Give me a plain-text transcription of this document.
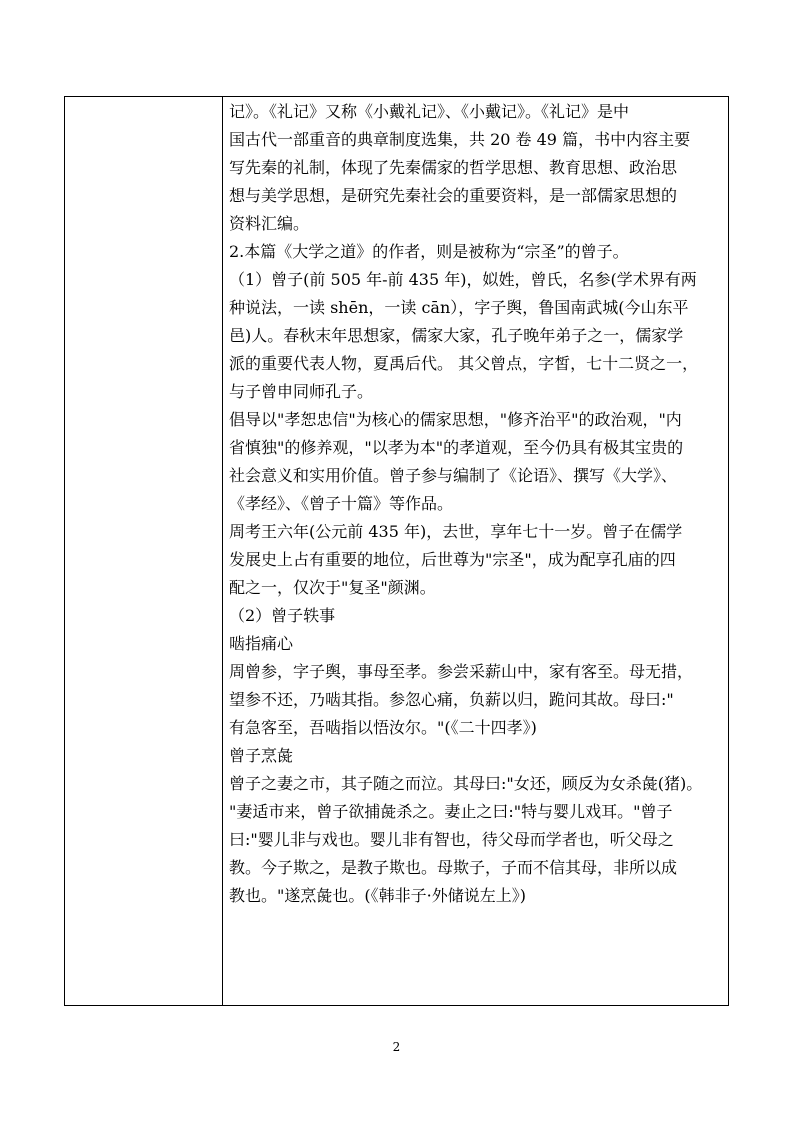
记》。《礼记》又称《小戴礼记》、《小戴记》。《礼记》是中

国古代一部重音的典章制度选集，共 20 卷 49 篇，书中内容主要

写先秦的礼制，体现了先秦儒家的哲学思想、教育思想、政治思

想与美学思想，是研究先秦社会的重要资料，是一部儒家思想的

资料汇编。

2.本篇《大学之道》的作者，则是被称为“宗圣”的曾子。

（1）曾子(前 505 年-前 435 年)，姒姓，曾氏，名参(学术界有两

种说法，一读 shēn，一读 cān），字子舆，鲁国南武城(今山东平

邑)人。春秋末年思想家，儒家大家，孔子晚年弟子之一，儒家学

派的重要代表人物，夏禹后代。 其父曾点，字皙，七十二贤之一，

与子曾申同师孔子。

倡导以"孝恕忠信"为核心的儒家思想，"修齐治平"的政治观，"内

省慎独"的修养观，"以孝为本"的孝道观，至今仍具有极其宝贵的

社会意义和实用价值。曾子参与编制了《论语》、撰写《大学》、

《孝经》、《曾子十篇》等作品。

周考王六年(公元前 435 年)，去世，享年七十一岁。曾子在儒学

发展史上占有重要的地位，后世尊为"宗圣"，成为配享孔庙的四

配之一，仅次于"复圣"颜渊。

（2）曾子轶事

啮指痛心

周曾参，字子舆，事母至孝。参尝采薪山中，家有客至。母无措，

望参不还，乃啮其指。参忽心痛，负薪以归，跪问其故。母曰:"

有急客至，吾啮指以悟汝尔。"(《二十四孝》)

曾子烹彘

曾子之妻之市，其子随之而泣。其母曰:"女还，顾反为女杀彘(猪)。

"妻适市来，曾子欲捕彘杀之。妻止之曰:"特与婴儿戏耳。"曾子

曰:"婴儿非与戏也。婴儿非有智也，待父母而学者也，听父母之

教。今子欺之，是教子欺也。母欺子，子而不信其母，非所以成

教也。"遂烹彘也。(《韩非子·外储说左上》)

2
